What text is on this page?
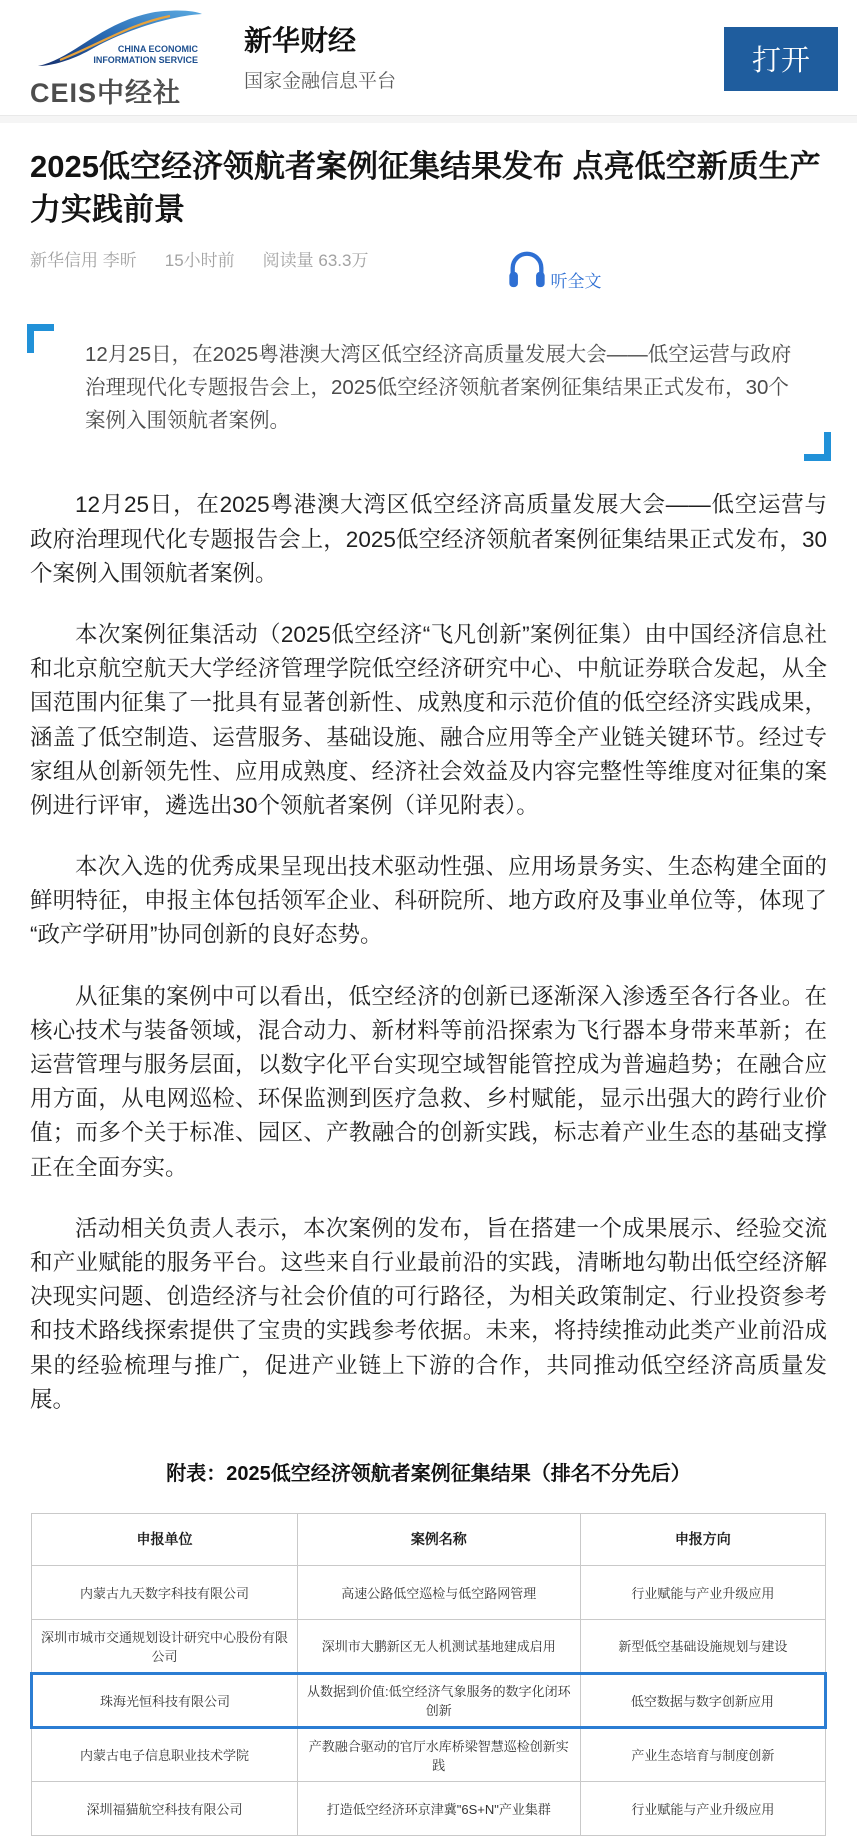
CHINA ECONOMIC
INFORMATION SERVICE
CEIS中经社
新华财经
国家金融信息平台
打开
2025低空经济领航者案例征集结果发布 点亮低空新质生产力实践前景
新华信用 李昕 15小时前 阅读量 63.3万
听全文

12月25日，在2025粤港澳大湾区低空经济高质量发展大会——低空运营与政府治理现代化专题报告会上，2025低空经济领航者案例征集结果正式发布，30个案例入围领航者案例。

12月25日，在2025粤港澳大湾区低空经济高质量发展大会——低空运营与政府治理现代化专题报告会上，2025低空经济领航者案例征集结果正式发布，30个案例入围领航者案例。

本次案例征集活动（2025低空经济“飞凡创新”案例征集）由中国经济信息社和北京航空航天大学经济管理学院低空经济研究中心、中航证券联合发起，从全国范围内征集了一批具有显著创新性、成熟度和示范价值的低空经济实践成果，涵盖了低空制造、运营服务、基础设施、融合应用等全产业链关键环节。经过专家组从创新领先性、应用成熟度、经济社会效益及内容完整性等维度对征集的案例进行评审，遴选出30个领航者案例（详见附表）。

本次入选的优秀成果呈现出技术驱动性强、应用场景务实、生态构建全面的鲜明特征，申报主体包括领军企业、科研院所、地方政府及事业单位等，体现了“政产学研用”协同创新的良好态势。

从征集的案例中可以看出，低空经济的创新已逐渐深入渗透至各行各业。在核心技术与装备领域，混合动力、新材料等前沿探索为飞行器本身带来革新；在运营管理与服务层面，以数字化平台实现空域智能管控成为普遍趋势；在融合应用方面，从电网巡检、环保监测到医疗急救、乡村赋能，显示出强大的跨行业价值；而多个关于标准、园区、产教融合的创新实践，标志着产业生态的基础支撑正在全面夯实。

活动相关负责人表示，本次案例的发布，旨在搭建一个成果展示、经验交流和产业赋能的服务平台。这些来自行业最前沿的实践，清晰地勾勒出低空经济解决现实问题、创造经济与社会价值的可行路径，为相关政策制定、行业投资参考和技术路线探索提供了宝贵的实践参考依据。未来，将持续推动此类产业前沿成果的经验梳理与推广，促进产业链上下游的合作，共同推动低空经济高质量发展。

附表：2025低空经济领航者案例征集结果（排名不分先后）
申报单位	案例名称	申报方向
内蒙古九天数字科技有限公司	高速公路低空巡检与低空路网管理	行业赋能与产业升级应用
深圳市城市交通规划设计研究中心股份有限公司	深圳市大鹏新区无人机测试基地建成启用	新型低空基础设施规划与建设
珠海光恒科技有限公司	从数据到价值:低空经济气象服务的数字化闭环创新	低空数据与数字创新应用
内蒙古电子信息职业技术学院	产教融合驱动的官厅水库桥梁智慧巡检创新实践	产业生态培育与制度创新
深圳福猫航空科技有限公司	打造低空经济环京津冀"6S+N"产业集群	行业赋能与产业升级应用
